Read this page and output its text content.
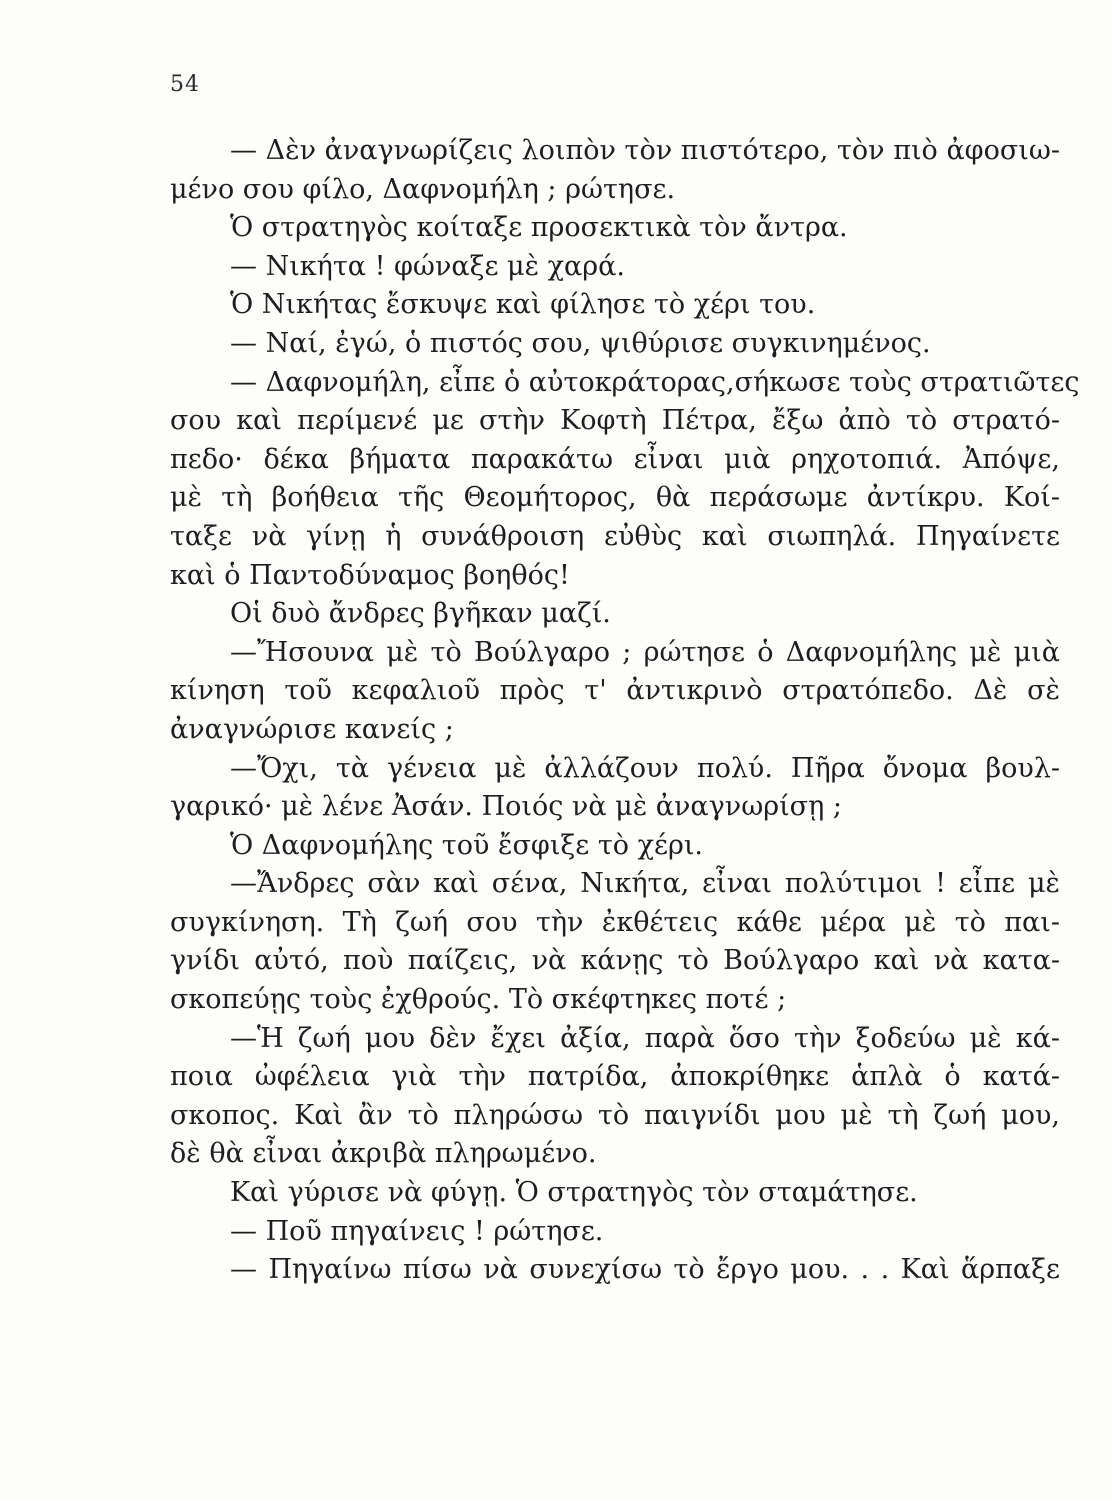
54
— Δὲν ἀναγνωρίζεις λοιπὸν τὸν πιστότερο, τὸν πιὸ ἀφοσιω-
μένο σου φίλο, Δαφνομήλη ; ρώτησε.
Ὁ στρατηγὸς κοίταξε προσεκτικὰ τὸν ἄντρα.
— Νικήτα ! φώναξε μὲ χαρά.
Ὁ Νικήτας ἔσκυψε καὶ φίλησε τὸ χέρι του.
— Ναί, ἐγώ, ὁ πιστός σου, ψιθύρισε συγκινημένος.
— Δαφνομήλη, εἶπε ὁ αὐτοκράτορας,σήκωσε τοὺς στρατιῶτες
σου καὶ περίμενέ με στὴν Κοφτὴ Πέτρα, ἔξω ἀπὸ τὸ στρατό-
πεδο· δέκα βήματα παρακάτω εἶναι μιὰ ρηχοτοπιά. Ἀπόψε,
μὲ τὴ βοήθεια τῆς Θεομήτορος, θὰ περάσωμε ἀντίκρυ. Κοί-
ταξε νὰ γίνῃ ἡ συνάθροιση εὐθὺς καὶ σιωπηλά. Πηγαίνετε
καὶ ὁ Παντοδύναμος βοηθός!
Οἱ δυὸ ἄνδρες βγῆκαν μαζί.
—Ἤσουνα μὲ τὸ Βούλγαρο ; ρώτησε ὁ Δαφνομήλης μὲ μιὰ
κίνηση τοῦ κεφαλιοῦ πρὸς τ' ἀντικρινὸ στρατόπεδο. Δὲ σὲ
ἀναγνώρισε κανείς ;
—Ὄχι, τὰ γένεια μὲ ἀλλάζουν πολύ. Πῆρα ὄνομα βουλ-
γαρικό· μὲ λένε Ἀσάν. Ποιός νὰ μὲ ἀναγνωρίσῃ ;
Ὁ Δαφνομήλης τοῦ ἔσφιξε τὸ χέρι.
—Ἄνδρες σὰν καὶ σένα, Νικήτα, εἶναι πολύτιμοι ! εἶπε μὲ
συγκίνηση. Τὴ ζωή σου τὴν ἐκθέτεις κάθε μέρα μὲ τὸ παι-
γνίδι αὐτό, ποὺ παίζεις, νὰ κάνῃς τὸ Βούλγαρο καὶ νὰ κατα-
σκοπεύῃς τοὺς ἐχθρούς. Τὸ σκέφτηκες ποτέ ;
—Ἡ ζωή μου δὲν ἔχει ἀξία, παρὰ ὅσο τὴν ξοδεύω μὲ κά-
ποια ὠφέλεια γιὰ τὴν πατρίδα, ἀποκρίθηκε ἁπλὰ ὁ κατά-
σκοπος. Καὶ ἂν τὸ πληρώσω τὸ παιγνίδι μου μὲ τὴ ζωή μου,
δὲ θὰ εἶναι ἀκριβὰ πληρωμένο.
Καὶ γύρισε νὰ φύγῃ. Ὁ στρατηγὸς τὸν σταμάτησε.
— Ποῦ πηγαίνεις ! ρώτησε.
— Πηγαίνω πίσω νὰ συνεχίσω τὸ ἔργο μου. . . Καὶ ἅρπαξε
